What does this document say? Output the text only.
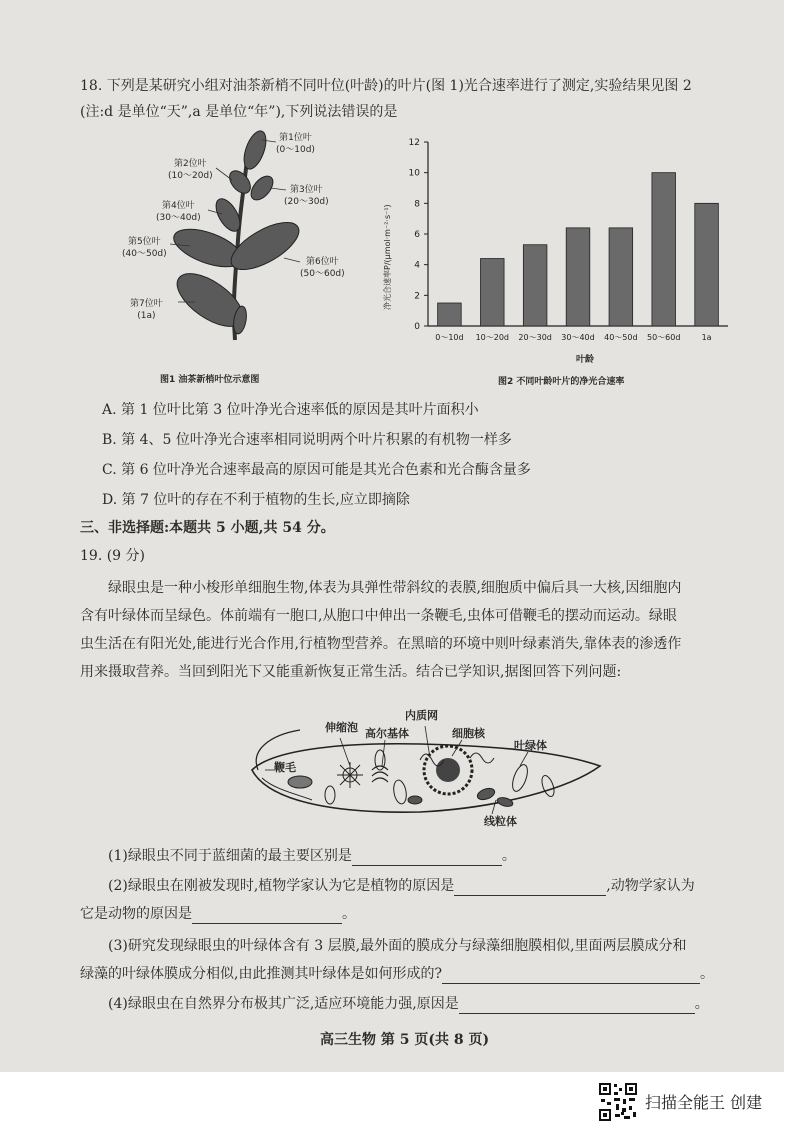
18. 下列是某研究小组对油茶新梢不同叶位(叶龄)的叶片(图 1)光合速率进行了测定,实验结果见图 2
(注:d 是单位“天”,a 是单位“年”),下列说法错误的是
第1位叶
(0～10d)
第2位叶
(10～20d)
第3位叶
(20～30d)
第4位叶
(30～40d)
第5位叶
(40～50d)
第6位叶
(50～60d)
第7位叶
(1a)
图1 油茶新梢叶位示意图
0
2
4
6
8
10
12
0～10d 10～20d 20～30d 30～40d 40～50d 50～60d	1a
净光合速率P/(μmol·m⁻²·s⁻¹)
叶龄
图2 不同叶龄叶片的净光合速率
A. 第 1 位叶比第 3 位叶净光合速率低的原因是其叶片面积小
B. 第 4、5 位叶净光合速率相同说明两个叶片积累的有机物一样多
C. 第 6 位叶净光合速率最高的原因可能是其光合色素和光合酶含量多
D. 第 7 位叶的存在不利于植物的生长,应立即摘除
三、非选择题:本题共 5 小题,共 54 分。
19. (9 分)
绿眼虫是一种小梭形单细胞生物,体表为具弹性带斜纹的表膜,细胞质中偏后具一大核,因细胞内
含有叶绿体而呈绿色。体前端有一胞口,从胞口中伸出一条鞭毛,虫体可借鞭毛的摆动而运动。绿眼
虫生活在有阳光处,能进行光合作用,行植物型营养。在黑暗的环境中则叶绿素消失,靠体表的渗透作
用来摄取营养。当回到阳光下又能重新恢复正常生活。结合已学知识,据图回答下列问题:
伸缩泡 高尔基体
内质网
细胞核
叶绿体
鞭毛
线粒体
(1)绿眼虫不同于蓝细菌的最主要区别是	。
(2)绿眼虫在刚被发现时,植物学家认为它是植物的原因是	,动物学家认为
它是动物的原因是	。
(3)研究发现绿眼虫的叶绿体含有 3 层膜,最外面的膜成分与绿藻细胞膜相似,里面两层膜成分和
绿藻的叶绿体膜成分相似,由此推测其叶绿体是如何形成的?	。
(4)绿眼虫在自然界分布极其广泛,适应环境能力强,原因是	。
高三生物 第 5 页(共 8 页)
扫描全能王 创建
